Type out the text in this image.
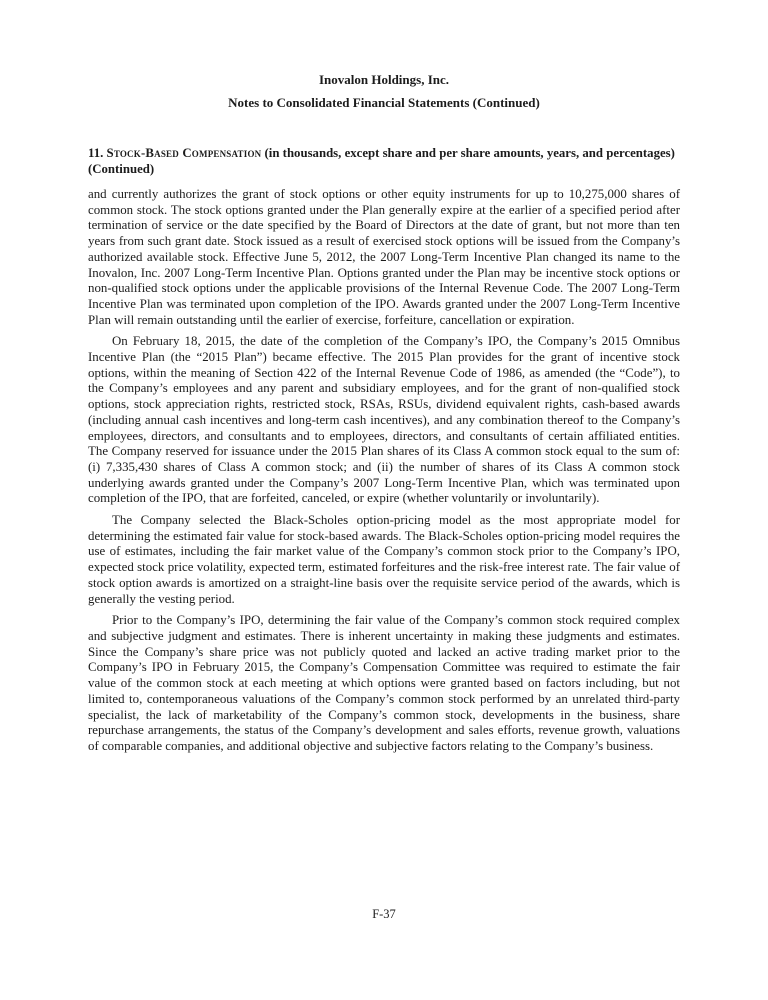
Inovalon Holdings, Inc.
Notes to Consolidated Financial Statements (Continued)
11. Stock-Based Compensation (in thousands, except share and per share amounts, years, and percentages) (Continued)

and currently authorizes the grant of stock options or other equity instruments for up to 10,275,000 shares of common stock. The stock options granted under the Plan generally expire at the earlier of a specified period after termination of service or the date specified by the Board of Directors at the date of grant, but not more than ten years from such grant date. Stock issued as a result of exercised stock options will be issued from the Company’s authorized available stock. Effective June 5, 2012, the 2007 Long-Term Incentive Plan changed its name to the Inovalon, Inc. 2007 Long-Term Incentive Plan. Options granted under the Plan may be incentive stock options or non-qualified stock options under the applicable provisions of the Internal Revenue Code. The 2007 Long-Term Incentive Plan was terminated upon completion of the IPO. Awards granted under the 2007 Long-Term Incentive Plan will remain outstanding until the earlier of exercise, forfeiture, cancellation or expiration.

On February 18, 2015, the date of the completion of the Company’s IPO, the Company’s 2015 Omnibus Incentive Plan (the “2015 Plan”) became effective. The 2015 Plan provides for the grant of incentive stock options, within the meaning of Section 422 of the Internal Revenue Code of 1986, as amended (the “Code”), to the Company’s employees and any parent and subsidiary employees, and for the grant of non-qualified stock options, stock appreciation rights, restricted stock, RSAs, RSUs, dividend equivalent rights, cash-based awards (including annual cash incentives and long-term cash incentives), and any combination thereof to the Company’s employees, directors, and consultants and to employees, directors, and consultants of certain affiliated entities. The Company reserved for issuance under the 2015 Plan shares of its Class A common stock equal to the sum of: (i) 7,335,430 shares of Class A common stock; and (ii) the number of shares of its Class A common stock underlying awards granted under the Company’s 2007 Long-Term Incentive Plan, which was terminated upon completion of the IPO, that are forfeited, canceled, or expire (whether voluntarily or involuntarily).

The Company selected the Black-Scholes option-pricing model as the most appropriate model for determining the estimated fair value for stock-based awards. The Black-Scholes option-pricing model requires the use of estimates, including the fair market value of the Company’s common stock prior to the Company’s IPO, expected stock price volatility, expected term, estimated forfeitures and the risk-free interest rate. The fair value of stock option awards is amortized on a straight-line basis over the requisite service period of the awards, which is generally the vesting period.

Prior to the Company’s IPO, determining the fair value of the Company’s common stock required complex and subjective judgment and estimates. There is inherent uncertainty in making these judgments and estimates. Since the Company’s share price was not publicly quoted and lacked an active trading market prior to the Company’s IPO in February 2015, the Company’s Compensation Committee was required to estimate the fair value of the common stock at each meeting at which options were granted based on factors including, but not limited to, contemporaneous valuations of the Company’s common stock performed by an unrelated third-party specialist, the lack of marketability of the Company’s common stock, developments in the business, share repurchase arrangements, the status of the Company’s development and sales efforts, revenue growth, valuations of comparable companies, and additional objective and subjective factors relating to the Company’s business.

F-37
